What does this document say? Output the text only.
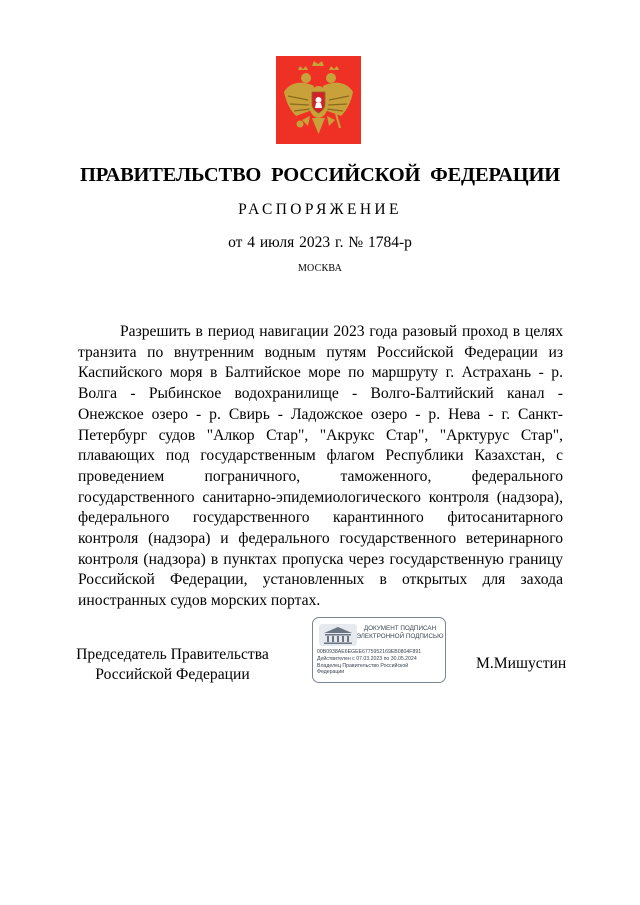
ПРАВИТЕЛЬСТВО РОССИЙСКОЙ ФЕДЕРАЦИИ
РАСПОРЯЖЕНИЕ
от 4 июля 2023 г. № 1784-р
МОСКВА
Разрешить в период навигации 2023 года разовый проход в целях транзита по внутренним водным путям Российской Федерации из Каспийского моря в Балтийское море по маршруту г. Астрахань - р. Волга - Рыбинское водохранилище - Волго-Балтийский канал - Онежское озеро - р. Свирь - Ладожское озеро - р. Нева - г. Санкт-Петербург судов "Алкор Стар", "Акрукс Стар", "Арктурус Стар", плавающих под государственным флагом Республики Казахстан, с проведением пограничного, таможенного, федерального государственного санитарно-эпидемиологического контроля (надзора), федерального государственного карантинного фитосанитарного контроля (надзора) и федерального государственного ветеринарного контроля (надзора) в пунктах пропуска через государственную границу Российской Федерации, установленных в открытых для захода иностранных судов морских портах.
Председатель Правительства
Российской Федерации
ДОКУМЕНТ ПОДПИСАН
ЭЛЕКТРОННОЙ ПОДПИСЬЮ
00B0938AE6EGEE6775952169EB0804F891
Действителен с 07.03.2023 по 30.05.2024
Владелец Правительство Российской
Федерации	М.Мишустин
